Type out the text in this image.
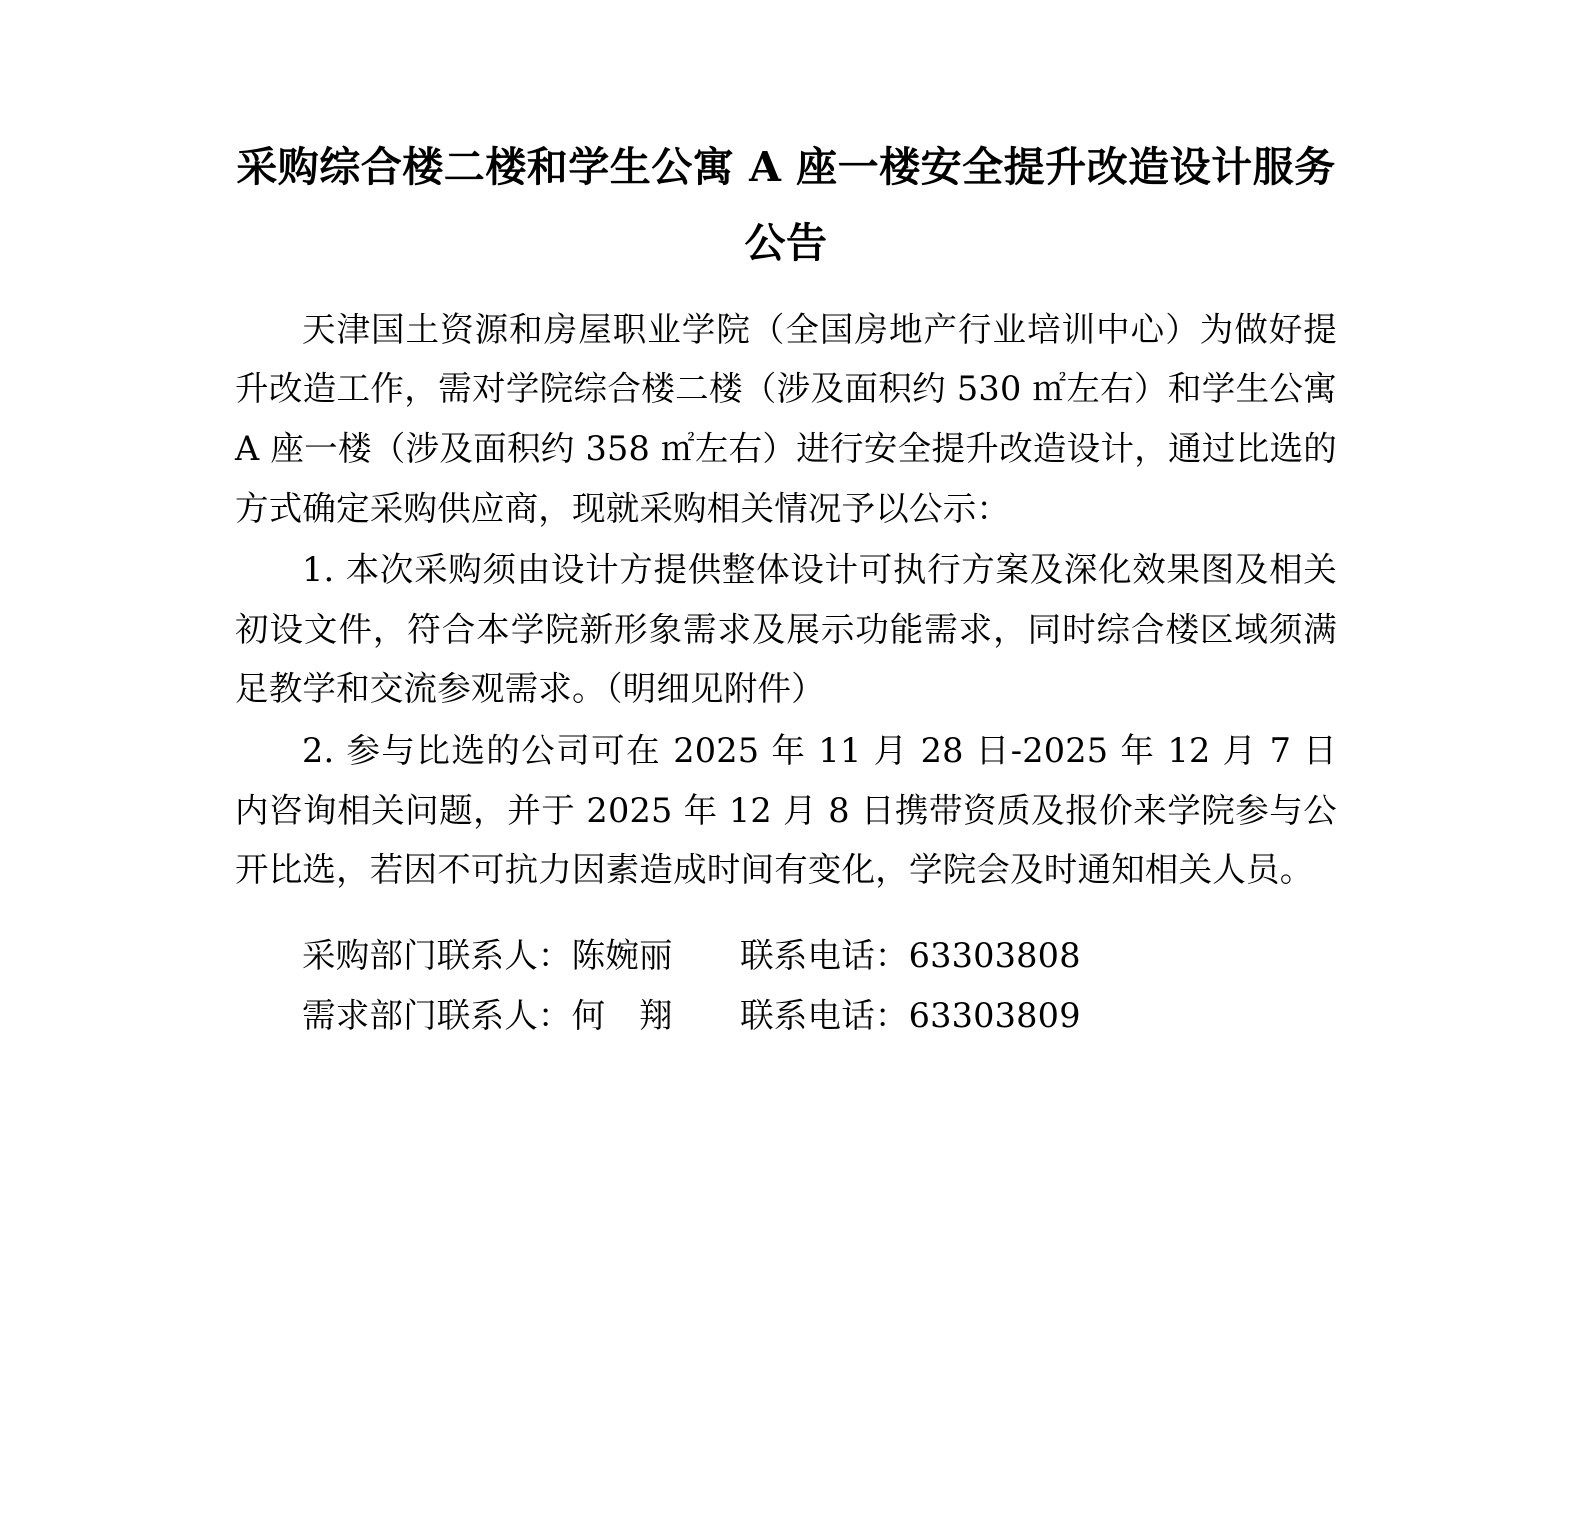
采购综合楼二楼和学生公寓 A 座一楼安全提升改造设计服务公告

天津国土资源和房屋职业学院（全国房地产行业培训中心）为做好提升改造工作，需对学院综合楼二楼（涉及面积约 530 ㎡左右）和学生公寓 A 座一楼（涉及面积约 358 ㎡左右）进行安全提升改造设计，通过比选的方式确定采购供应商，现就采购相关情况予以公示：

1. 本次采购须由设计方提供整体设计可执行方案及深化效果图及相关初设文件，符合本学院新形象需求及展示功能需求，同时综合楼区域须满足教学和交流参观需求。（明细见附件）

2. 参与比选的公司可在 2025 年 11 月 28 日-2025 年 12 月 7 日内咨询相关问题，并于 2025 年 12 月 8 日携带资质及报价来学院参与公开比选，若因不可抗力因素造成时间有变化，学院会及时通知相关人员。

采购部门联系人：陈婉丽　　联系电话：63303808

需求部门联系人：何　翔　　联系电话：63303809
